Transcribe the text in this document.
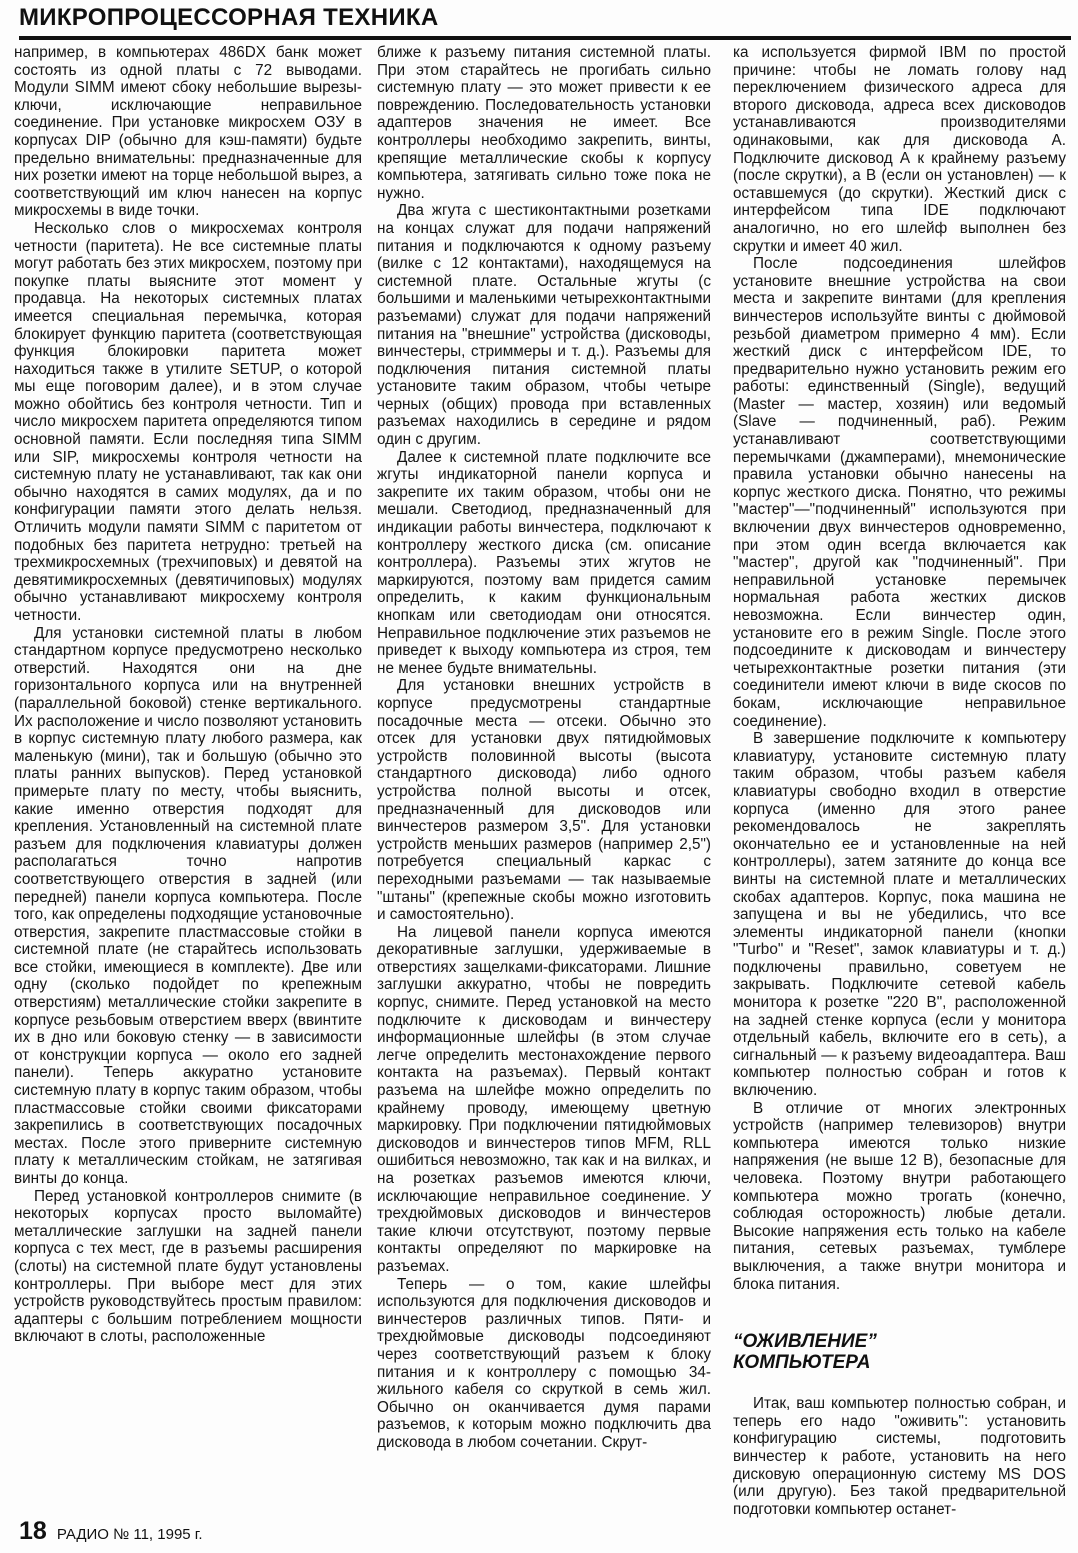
МИКРОПРОЦЕССОРНАЯ ТЕХНИКА

например, в компьютерах 486DX банк может состоять из одной платы с 72 выводами. Модули SIMM имеют сбоку небольшие вырезы-ключи, исключающие неправильное соединение. При установке микросхем ОЗУ в корпусах DIP (обычно для кэш-памяти) будьте предельно внимательны: предназначенные для них розетки имеют на торце небольшой вырез, а соответствующий им ключ нанесен на корпус микросхемы в виде точки.

Несколько слов о микросхемах контроля четности (паритета). Не все системные платы могут работать без этих микросхем, поэтому при покупке платы выясните этот момент у продавца. На некоторых системных платах имеется специальная перемычка, которая блокирует функцию паритета (соответствующая функция блокировки паритета может находиться также в утилите SETUP, о которой мы еще поговорим далее), и в этом случае можно обойтись без контроля четности. Тип и число микросхем паритета определяются типом основной памяти. Если последняя типа SIMM или SIP, микросхемы контроля четности на системную плату не устанавливают, так как они обычно находятся в самих модулях, да и по конфигурации памяти этого делать нельзя. Отличить модули памяти SIMM с паритетом от подобных без паритета нетрудно: третьей на трехмикросхемных (трехчиповых) и девятой на девятимикросхемных (девятичиповых) модулях обычно устанавливают микросхему контроля четности.

Для установки системной платы в любом стандартном корпусе предусмотрено несколько отверстий. Находятся они на дне горизонтального корпуса или на внутренней (параллельной боковой) стенке вертикального. Их расположение и число позволяют установить в корпус системную плату любого размера, как маленькую (мини), так и большую (обычно это платы ранних выпусков). Перед установкой примерьте плату по месту, чтобы выяснить, какие именно отверстия подходят для крепления. Установленный на системной плате разъем для подключения клавиатуры должен располагаться точно напротив соответствующего отверстия в задней (или передней) панели корпуса компьютера. После того, как определены подходящие установочные отверстия, закрепите пластмассовые стойки в системной плате (не старайтесь использовать все стойки, имеющиеся в комплекте). Две или одну (сколько подойдет по крепежным отверстиям) металлические стойки закрепите в корпусе резьбовым отверстием вверх (ввинтите их в дно или боковую стенку — в зависимости от конструкции корпуса — около его задней панели). Теперь аккуратно установите системную плату в корпус таким образом, чтобы пластмассовые стойки своими фиксаторами закрепились в соответствующих посадочных местах. После этого приверните системную плату к металлическим стойкам, не затягивая винты до конца.

Перед установкой контроллеров снимите (в некоторых корпусах просто выломайте) металлические заглушки на задней панели корпуса с тех мест, где в разъемы расширения (слоты) на системной плате будут установлены контроллеры. При выборе мест для этих устройств руководствуйтесь простым правилом: адаптеры с большим потреблением мощности включают в слоты, расположенные

ближе к разъему питания системной платы. При этом старайтесь не прогибать сильно системную плату — это может привести к ее повреждению. Последовательность установки адаптеров значения не имеет. Все контроллеры необходимо закрепить, винты, крепящие металлические скобы к корпусу компьютера, затягивать сильно тоже пока не нужно.

Два жгута с шестиконтактными розетками на концах служат для подачи напряжений питания и подключаются к одному разъему (вилке с 12 контактами), находящемуся на системной плате. Остальные жгуты (с большими и маленькими четырехконтактными разъемами) служат для подачи напряжений питания на "внешние" устройства (дисководы, винчестеры, стриммеры и т. д.). Разъемы для подключения питания системной платы установите таким образом, чтобы четыре черных (общих) провода при вставленных разъемах находились в середине и рядом один с другим.

Далее к системной плате подключите все жгуты индикаторной панели корпуса и закрепите их таким образом, чтобы они не мешали. Светодиод, предназначенный для индикации работы винчестера, подключают к контроллеру жесткого диска (см. описание контроллера). Разъемы этих жгутов не маркируются, поэтому вам придется самим определить, к каким функциональным кнопкам или светодиодам они относятся. Неправильное подключение этих разъемов не приведет к выходу компьютера из строя, тем не менее будьте внимательны.

Для установки внешних устройств в корпусе предусмотрены стандартные посадочные места — отсеки. Обычно это отсек для установки двух пятидюймовых устройств половинной высоты (высота стандартного дисковода) либо одного устройства полной высоты и отсек, предназначенный для дисководов или винчестеров размером 3,5". Для установки устройств меньших размеров (например 2,5") потребуется специальный каркас с переходными разъемами — так называемые "штаны" (крепежные скобы можно изготовить и самостоятельно).

На лицевой панели корпуса имеются декоративные заглушки, удерживаемые в отверстиях защелками-фиксаторами. Лишние заглушки аккуратно, чтобы не повредить корпус, снимите. Перед установкой на место подключите к дисководам и винчестеру информационные шлейфы (в этом случае легче определить местонахождение первого контакта на разъемах). Первый контакт разъема на шлейфе можно определить по крайнему проводу, имеющему цветную маркировку. При подключении пятидюймовых дисководов и винчестеров типов MFM, RLL ошибиться невозможно, так как и на вилках, и на розетках разъемов имеются ключи, исключающие неправильное соединение. У трехдюймовых дисководов и винчестеров такие ключи отсутствуют, поэтому первые контакты определяют по маркировке на разъемах.

Теперь — о том, какие шлейфы используются для подключения дисководов и винчестеров различных типов. Пяти- и трехдюймовые дисководы подсоединяют через соответствующий разъем к блоку питания и к контроллеру с помощью 34-жильного кабеля со скруткой в семь жил. Обычно он оканчивается думя парами разъемов, к которым можно подключить два дисковода в любом сочетании. Скрут-

ка используется фирмой IBM по простой причине: чтобы не ломать голову над переключением физического адреса для второго дисковода, адреса всех дисководов устанавливаются производителями одинаковыми, как для дисковода А. Подключите дисковод А к крайнему разъему (после скрутки), а В (если он установлен) — к оставшемуся (до скрутки). Жесткий диск с интерфейсом типа IDE подключают аналогично, но его шлейф выполнен без скрутки и имеет 40 жил.

После подсоединения шлейфов установите внешние устройства на свои места и закрепите винтами (для крепления винчестеров используйте винты с дюймовой резьбой диаметром примерно 4 мм). Если жесткий диск с интерфейсом IDE, то предварительно нужно установить режим его работы: единственный (Single), ведущий (Master — мастер, хозяин) или ведомый (Slave — подчиненный, раб). Режим устанавливают соответствующими перемычками (джамперами), мнемонические правила установки обычно нанесены на корпус жесткого диска. Понятно, что режимы "мастер"—"подчиненный" используются при включении двух винчестеров одновременно, при этом один всегда включается как "мастер", другой как "подчиненный". При неправильной установке перемычек нормальная работа жестких дисков невозможна. Если винчестер один, установите его в режим Single. После этого подсоедините к дисководам и винчестеру четырехконтактные розетки питания (эти соединители имеют ключи в виде скосов по бокам, исключающие неправильное соединение).

В завершение подключите к компьютеру клавиатуру, установите системную плату таким образом, чтобы разъем кабеля клавиатуры свободно входил в отверстие корпуса (именно для этого ранее рекомендовалось не закреплять окончательно ее и установленные на ней контроллеры), затем затяните до конца все винты на системной плате и металлических скобах адаптеров. Корпус, пока машина не запущена и вы не убедились, что все элементы индикаторной панели (кнопки "Turbo" и "Reset", замок клавиатуры и т. д.) подключены правильно, советуем не закрывать. Подключите сетевой кабель монитора к розетке "220 В", расположенной на задней стенке корпуса (если у монитора отдельный кабель, включите его в сеть), а сигнальный — к разъему видеоадаптера. Ваш компьютер полностью собран и готов к включению.

В отличие от многих электронных устройств (например телевизоров) внутри компьютера имеются только низкие напряжения (не выше 12 В), безопасные для человека. Поэтому внутри работающего компьютера можно трогать (конечно, соблюдая осторожность) любые детали. Высокие напряжения есть только на кабеле питания, сетевых разъемах, тумблере выключения, а также внутри монитора и блока питания.

“ОЖИВЛЕНИЕ”
КОМПЬЮТЕРА

Итак, ваш компьютер полностью собран, и теперь его надо "оживить": установить конфигурацию системы, подготовить винчестер к работе, установить на него дисковую операционную систему MS DOS (или другую). Без такой предварительной подготовки компьютер останет-

18 РАДИО № 11, 1995 г.
